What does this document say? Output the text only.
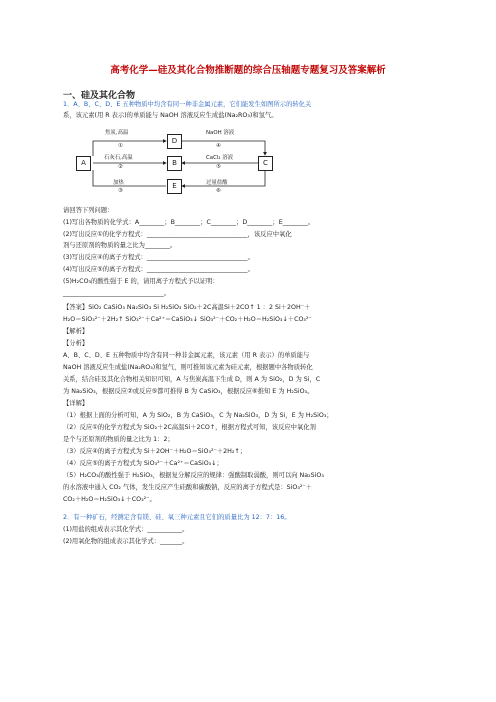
高考化学—硅及其化合物推断题的综合压轴题专题复习及答案解析
一、硅及其化合物
1．A、B、C、D、E 五种物质中均含有同一种非金属元素，它们能发生如图所示的转化关
系，该元素(用 R 表示)的单质能与 NaOH 溶液反应生成盐(Na₂RO₃)和氢气。
A
D
B	C
E
焦炭,高温
①
石灰石,高温
②
加热
③
NaOH 溶液
④
CaCl₂ 溶液
⑤
过量盐酸
⑥
请回答下列问题：
(1)写出各物质的化学式：A________；B________；C________；D________；E________。
(2)写出反应①的化学方程式：________________________________，该反应中氧化
剂与还原剂的物质的量之比为________。
(3)写出反应④的离子方程式：________________________________。
(4)写出反应⑤的离子方程式：________________________________。
(5)H₂CO₃的酸性强于 E 的，请用离子方程式予以证明：
________________________________。
【答案】SiO₂ CaSiO₃ Na₂SiO₃ Si H₂SiO₃ SiO₂＋2C高温Si＋2CO↑ 1 ：2 Si＋2OH⁻＋
H₂O＝SiO₃²⁻＋2H₂↑ SiO₃²⁻＋Ca²⁺＝CaSiO₃↓ SiO₃²⁻＋CO₂＋H₂O＝H₂SiO₃↓＋CO₃²⁻
【解析】
【分析】
A、B、C、D、E 五种物质中均含有同一种非金属元素，该元素（用 R 表示）的单质能与
NaOH 溶液反应生成盐(Na₂RO₃)和氢气，则可推知该元素为硅元素，根据题中各物质转化
关系，结合硅及其化合物相关知识可知，A 与焦炭高温下生成 D，则 A 为 SiO₂，D 为 Si，C
为 Na₂SiO₃，根据反应②或反应⑤都可推得 B 为 CaSiO₃，根据反应⑥推知 E 为 H₂SiO₃。
【详解】
（1）根据上面的分析可知，A 为 SiO₂，B 为 CaSiO₃，C 为 Na₂SiO₃，D 为 Si，E 为 H₂SiO₃；
（2）反应①的化学方程式为 SiO₂＋2C高温Si＋2CO↑，根据方程式可知，该反应中氧化剂
是个与还原剂的物质的量之比为 1：2；
（3）反应④的离子方程式为 Si＋2OH⁻＋H₂O＝SiO₃²⁻＋2H₂↑；
（4）反应⑤的离子方程式为 SiO₃²⁻＋Ca²⁺＝CaSiO₃↓；
（5）H₂CO₃的酸性强于 H₂SiO₃，根据复分解反应的规律：强酸制取弱酸，则可以向 Na₂SiO₃
的水溶液中通入 CO₂ 气体，发生反应产生硅酸和碳酸钠，反应的离子方程式是：SiO₃²⁻＋
CO₂＋H₂O＝H₂SiO₃↓＋CO₃²⁻。
2．有一种矿石，经测定含有镁、硅、氧三种元素且它们的质量比为 12：7：16。
(1)用盐的组成表示其化学式：___________。
(2)用氧化物的组成表示其化学式：_______。
